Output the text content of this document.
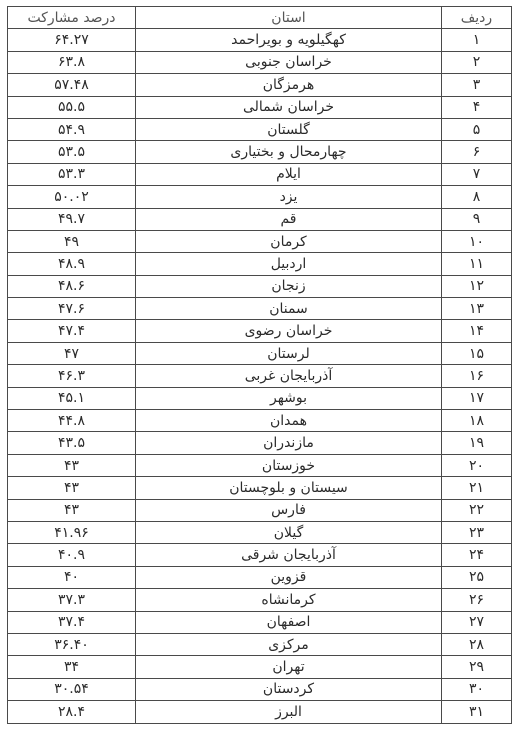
ردیف	استان	درصد مشارکت
۱	کهگیلویه و بویراحمد	۶۴.۲۷
۲	خراسان جنوبی	۶۳.۸
۳	هرمزگان	۵۷.۴۸
۴	خراسان شمالی	۵۵.۵
۵	گلستان	۵۴.۹
۶	چهارمحال و بختیاری	۵۳.۵
۷	ایلام	۵۳.۳
۸	یزد	۵۰.۰۲
۹	قم	۴۹.۷
۱۰	کرمان	۴۹
۱۱	اردبیل	۴۸.۹
۱۲	زنجان	۴۸.۶
۱۳	سمنان	۴۷.۶
۱۴	خراسان رضوی	۴۷.۴
۱۵	لرستان	۴۷
۱۶	آذربایجان غربی	۴۶.۳
۱۷	بوشهر	۴۵.۱
۱۸	همدان	۴۴.۸
۱۹	مازندران	۴۳.۵
۲۰	خوزستان	۴۳
۲۱	سیستان و بلوچستان	۴۳
۲۲	فارس	۴۳
۲۳	گیلان	۴۱.۹۶
۲۴	آذربایجان شرقی	۴۰.۹
۲۵	قزوین	۴۰
۲۶	کرمانشاه	۳۷.۳
۲۷	اصفهان	۳۷.۴
۲۸	مرکزی	۳۶.۴۰
۲۹	تهران	۳۴
۳۰	کردستان	۳۰.۵۴
۳۱	البرز	۲۸.۴
